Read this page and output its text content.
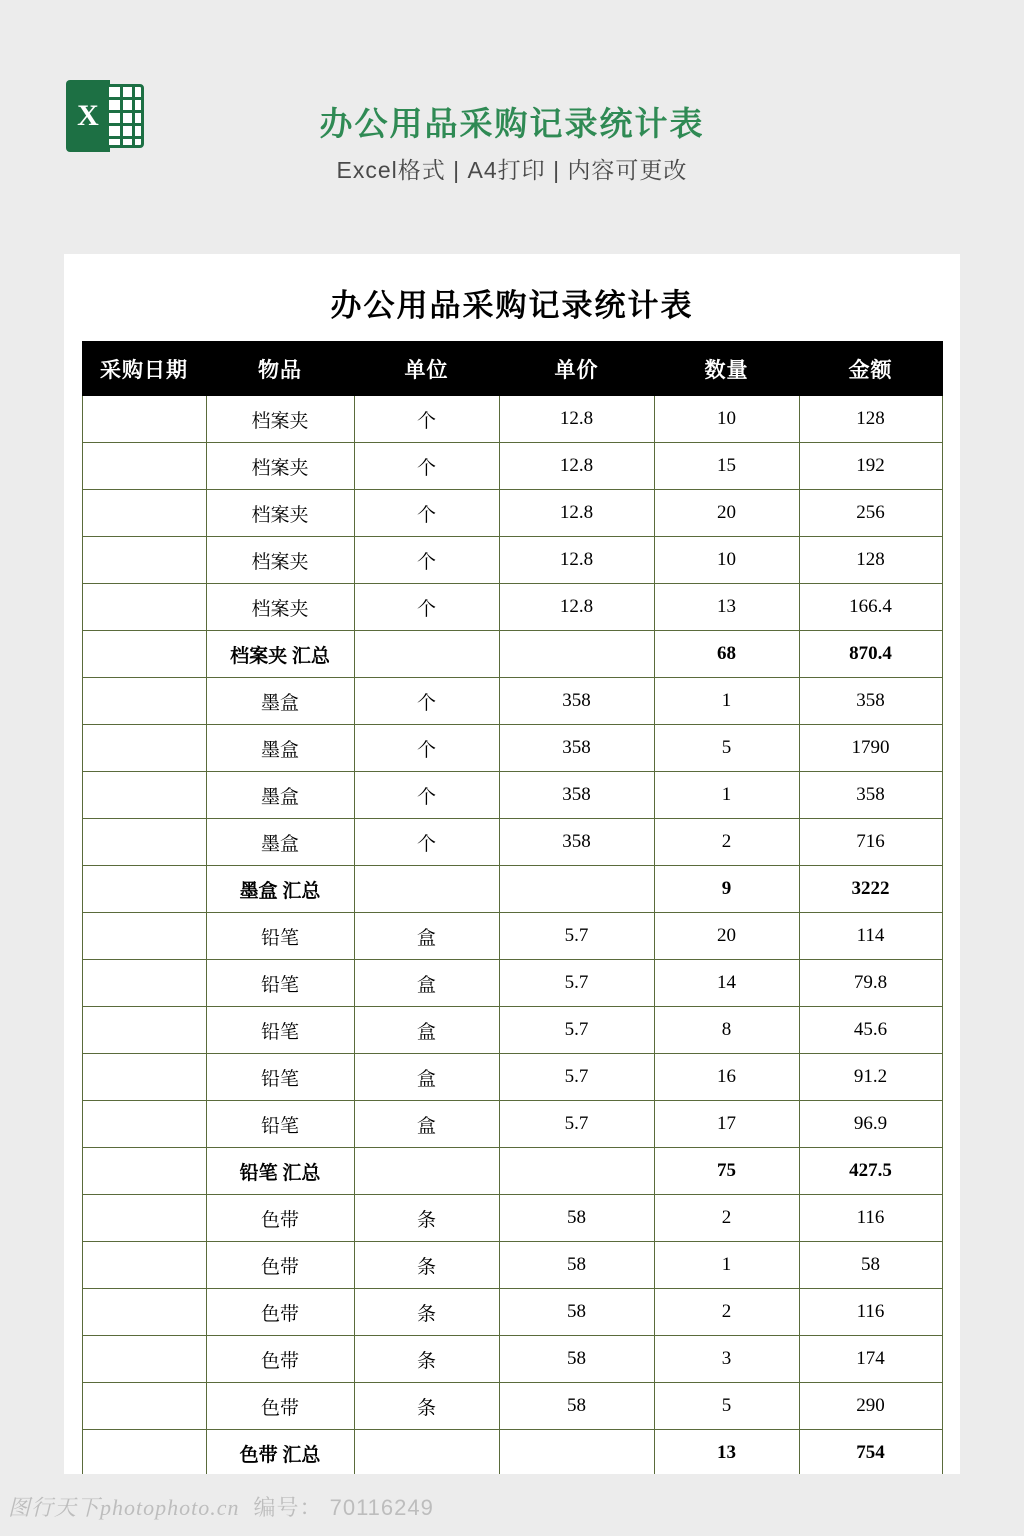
X	办公用品采购记录统计表
Excel格式 | A4打印 | 内容可更改
办公用品采购记录统计表
采购日期	物品	单位	单价	数量	金额
	档案夹	个	12.8	10	128
	档案夹	个	12.8	15	192
	档案夹	个	12.8	20	256
	档案夹	个	12.8	10	128
	档案夹	个	12.8	13	166.4
	档案夹 汇总			68	870.4
	墨盒	个	358	1	358
	墨盒	个	358	5	1790
	墨盒	个	358	1	358
	墨盒	个	358	2	716
	墨盒 汇总			9	3222
	铅笔	盒	5.7	20	114
	铅笔	盒	5.7	14	79.8
	铅笔	盒	5.7	8	45.6
	铅笔	盒	5.7	16	91.2
	铅笔	盒	5.7	17	96.9
	铅笔 汇总			75	427.5
	色带	条	58	2	116
	色带	条	58	1	58
	色带	条	58	2	116
	色带	条	58	3	174
	色带	条	58	5	290
	色带 汇总			13	754
图行天下photophoto.cn 编号： 70116249
